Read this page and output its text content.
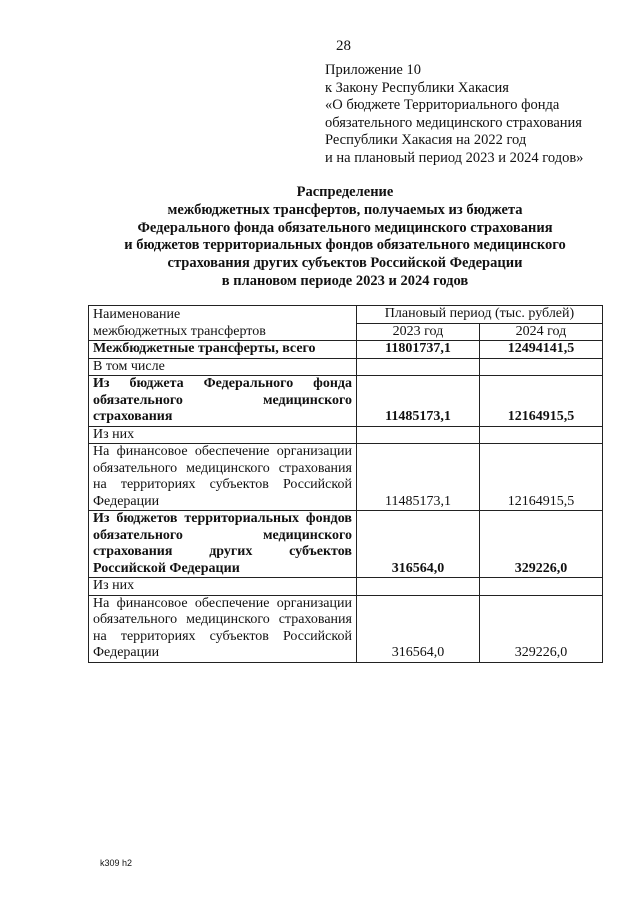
28
Приложение 10
к Закону Республики Хакасия
«О бюджете Территориального фонда
обязательного медицинского страхования
Республики Хакасия на 2022 год
и на плановый период 2023 и 2024 годов»
Распределение
межбюджетных трансфертов, получаемых из бюджета
Федерального фонда обязательного медицинского страхования
и бюджетов территориальных фондов обязательного медицинского
страхования других субъектов Российской Федерации
в плановом периоде 2023 и 2024 годов
Наименование
межбюджетных трансфертов	Плановый период (тыс. рублей)	
	2023 год	2024 год
Межбюджетные трансферты, всего	11801737,1	12494141,5
В том числе		
Из бюджета Федерального фонда обязательного медицинского страхования	11485173,1	12164915,5
Из них		
На финансовое обеспечение организации обязательного медицинского страхования на территориях субъектов Российской Федерации	11485173,1	12164915,5
Из бюджетов территориальных фондов обязательного медицинского страхования других субъектов Российской Федерации	316564,0	329226,0
Из них		
На финансовое обеспечение организации обязательного медицинского страхования на территориях субъектов Российской Федерации	316564,0	329226,0
k309 h2
